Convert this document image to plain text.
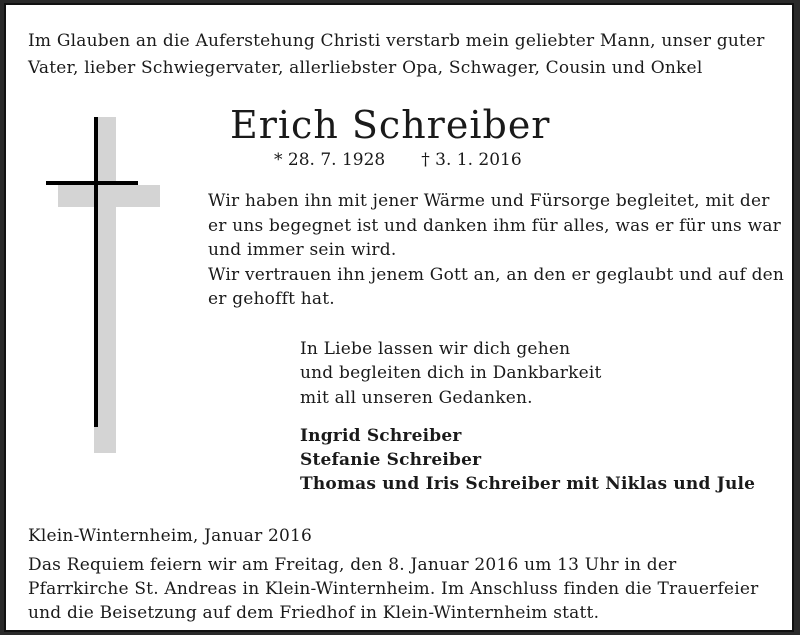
Im Glauben an die Auferstehung Christi verstarb mein geliebter Mann, unser guter
Vater, lieber Schwiegervater, allerliebster Opa, Schwager, Cousin und Onkel
Erich Schreiber
* 28. 7. 1928 † 3. 1. 2016
Wir haben ihn mit jener Wärme und Fürsorge begleitet, mit der
er uns begegnet ist und danken ihm für alles, was er für uns war
und immer sein wird.
Wir vertrauen ihn jenem Gott an, an den er geglaubt und auf den
er gehofft hat.
In Liebe lassen wir dich gehen
und begleiten dich in Dankbarkeit
mit all unseren Gedanken.
Ingrid Schreiber
Stefanie Schreiber
Thomas und Iris Schreiber mit Niklas und Jule
Klein-Winternheim, Januar 2016
Das Requiem feiern wir am Freitag, den 8. Januar 2016 um 13 Uhr in der
Pfarrkirche St. Andreas in Klein-Winternheim. Im Anschluss finden die Trauerfeier
und die Beisetzung auf dem Friedhof in Klein-Winternheim statt.
